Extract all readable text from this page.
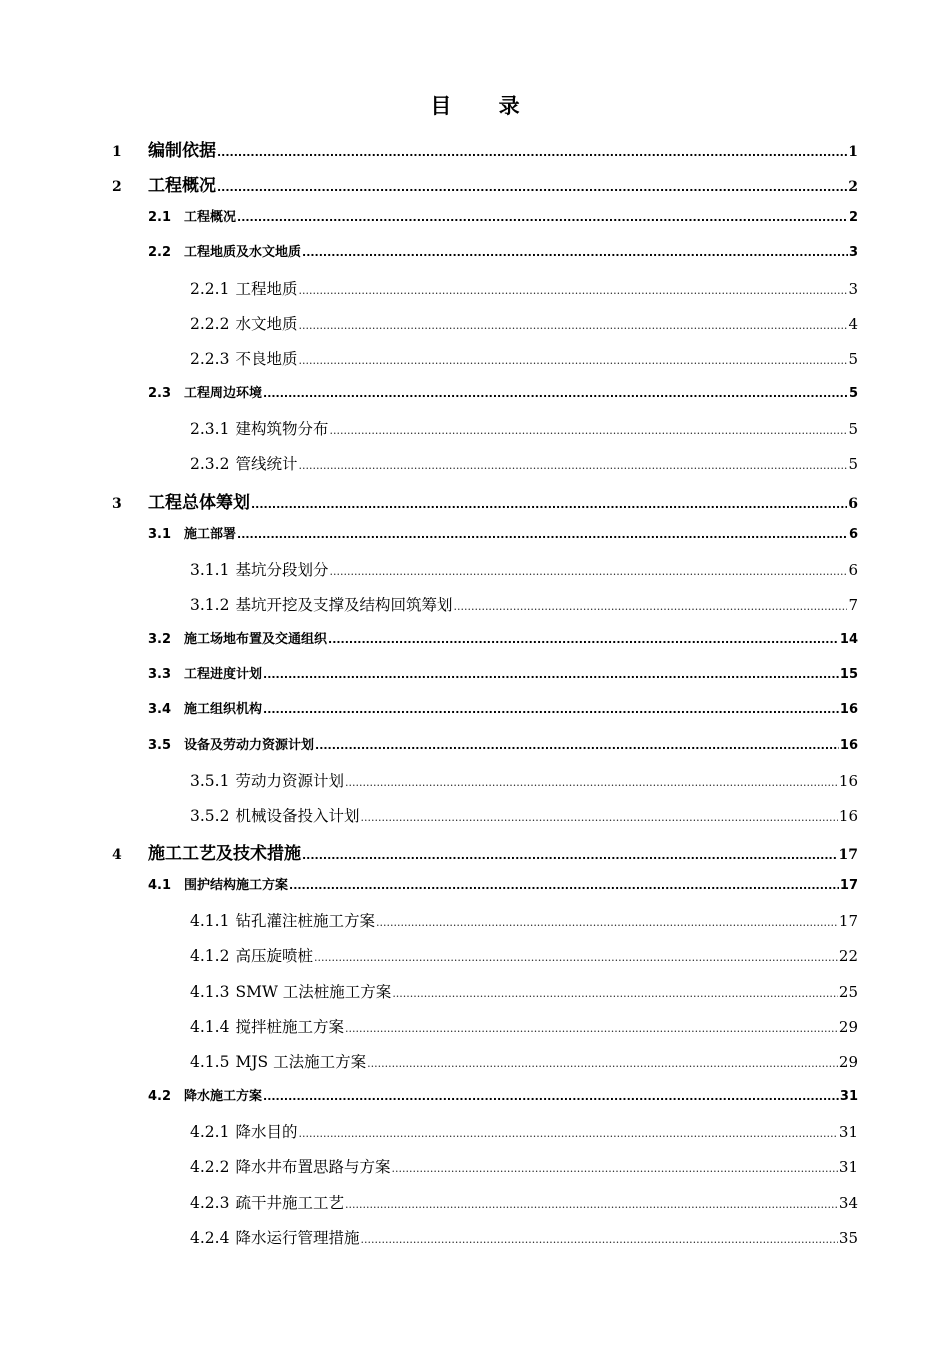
目 录
1	编制依据 .....	1
2	工程概况 .....	2
2.1 工程概况 .....	2
2.2 工程地质及水文地质 .....	3
2.2.1 工程地质 .....	3
2.2.2 水文地质 .....	4
2.2.3 不良地质 .....	5
2.3 工程周边环境 .....	5
2.3.1 建构筑物分布 .....	5
2.3.2 管线统计 .....	5
3	工程总体筹划 .....	6
3.1 施工部署 .....	6
3.1.1 基坑分段划分 .....	6
3.1.2 基坑开挖及支撑及结构回筑筹划 .....	7
3.2 施工场地布置及交通组织 .....	14
3.3 工程进度计划 .....	15
3.4 施工组织机构 .....	16
3.5 设备及劳动力资源计划 .....	16
3.5.1 劳动力资源计划 .....	16
3.5.2 机械设备投入计划 .....	16
4	施工工艺及技术措施 .....	17
4.1 围护结构施工方案 .....	17
4.1.1 钻孔灌注桩施工方案 .....	17
4.1.2 高压旋喷桩 .....	22
4.1.3 SMW 工法桩施工方案 .....	25
4.1.4 搅拌桩施工方案 .....	29
4.1.5 MJS 工法施工方案 .....	29
4.2 降水施工方案 .....	31
4.2.1 降水目的 .....	31
4.2.2 降水井布置思路与方案 .....	31
4.2.3 疏干井施工工艺 .....	34
4.2.4 降水运行管理措施 .....	35
